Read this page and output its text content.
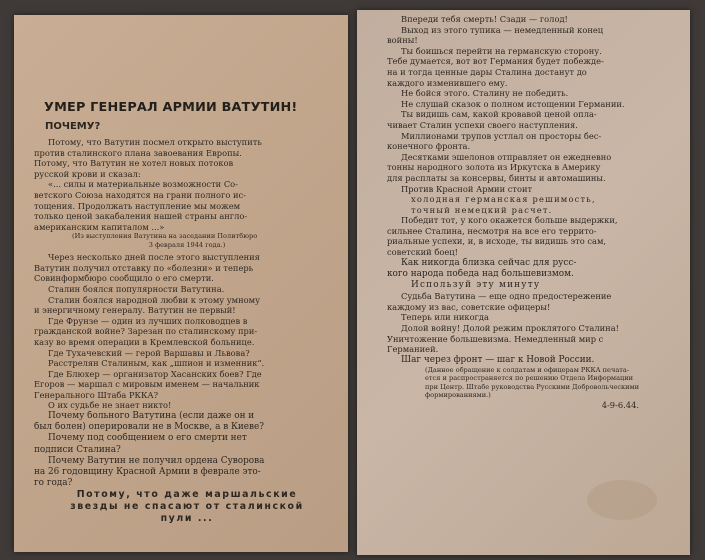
УМЕР ГЕНЕРАЛ АРМИИ ВАТУТИН!
ПОЧЕМУ?
Потому, что Ватутин посмел открыто выступить
против сталинского плана завоевания Европы.
Потому, что Ватутин не хотел новых потоков
русской крови и сказал:
«... силы и материальные возможности Со-
ветского Союза находятся на грани полного ис-
тощения. Продолжать наступление мы можем
только ценой закабаления нашей страны англо-
американским капиталом ...»
(Из выступления Ватутина на заседании Политбюро
3 февраля 1944 года.)
Через несколько дней после этого выступления
Ватутин получил отставку по «болезни» и теперь
Совинформбюро сообщило о его смерти.
Сталин боялся популярности Ватутина.
Сталин боялся народной любви к этому умному
и энергичному генералу. Ватутин не первый!
Где Фрунзе — один из лучших полководцев в
гражданской войне? Зарезан по сталинскому при-
казу во время операции в Кремлевской больнице.
Где Тухачевский — герой Варшавы и Львова?
Расстрелян Сталиным, как „шпион и изменник“.
Где Блюхер — организатор Хасанских боев? Где
Егоров — маршал с мировым именем — начальник
Генерального Штаба РККА?
О их судьбе не знает никто!
Почему больного Ватутина (если даже он и
был болен) оперировали не в Москве, а в Киеве?
Почему под сообщением о его смерти нет
подписи Сталина?
Почему Ватутин не получил ордена Суворова
на 26 годовщину Красной Армии в феврале это-
го года?
Потому, что даже маршальские
звезды не спасают от сталинской
пули ...
Впереди тебя смерть! Сзади — голод!
Выход из этого тупика — немедленный конец
войны!
Ты боишься перейти на германскую сторону.
Тебе думается, вот вот Германия будет побежде-
на и тогда ценные дары Сталина достанут до
каждого изменившего ему.
Не бойся этого. Сталину не победить.
Не слушай сказок о полном истощении Германии.
Ты видишь сам, какой кровавой ценой опла-
чивает Сталин успехи своего наступления.
Миллионами трупов устлал он просторы бес-
конечного фронта.
Десятками эшелонов отправляет он ежедневно
тонны народного золота из Иркутска в Америку
для расплаты за консервы, бинты и автомашины.
Против Красной Армии стоит
холодная германская решимость,
точный немецкий расчет.
Победит тот, у кого окажется больше выдержки,
сильнее Сталина, несмотря на все его террито-
риальные успехи, и, в исходе, ты видишь это сам,
советский боец!
Как никогда близка сейчас для русс-
кого народа победа над большевизмом.
Используй эту минуту
Судьба Ватутина — еще одно предостережение
каждому из вас, советские офицеры!
Теперь или никогда
Долой войну! Долой режим проклятого Сталина!
Уничтожение большевизма. Немедленный мир с
Германией.
Шаг через фронт — шаг к Новой России.
(Данное обращение к солдатам и офицерам РККА печата-
ется и распространяется по решению Отдела Информации
при Центр. Штабе руководства Русскими Добровольческими
формированиями.)
4-9-6.44.
